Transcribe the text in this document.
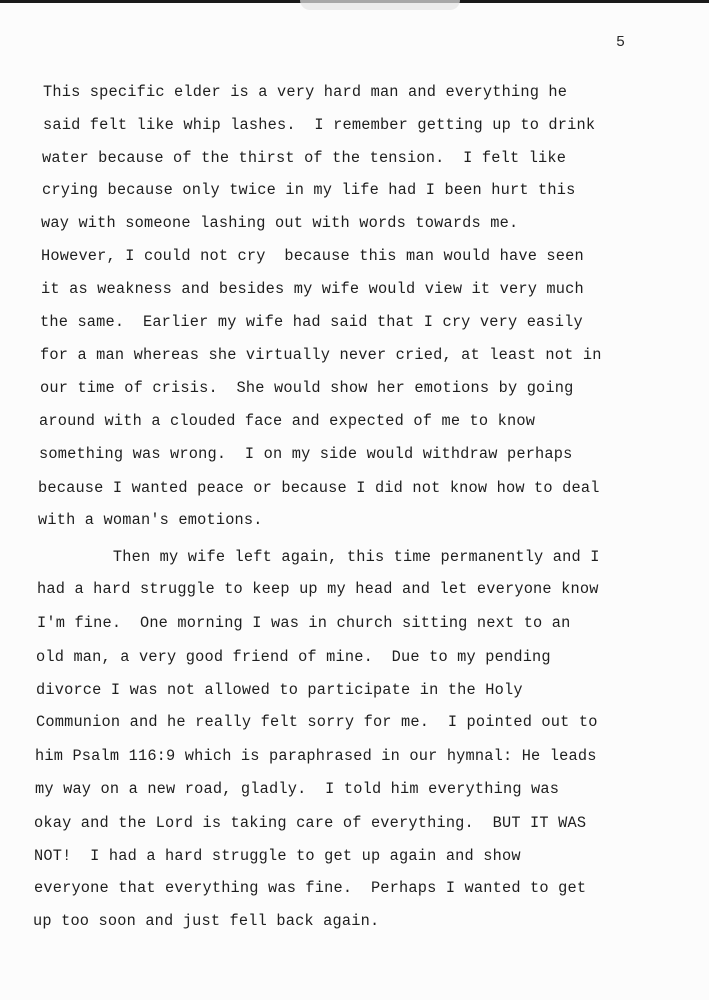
5
This specific elder is a very hard man and everything he
said felt like whip lashes.  I remember getting up to drink
water because of the thirst of the tension.  I felt like
crying because only twice in my life had I been hurt this
way with someone lashing out with words towards me.
However, I could not cry  because this man would have seen
it as weakness and besides my wife would view it very much
the same.  Earlier my wife had said that I cry very easily
for a man whereas she virtually never cried, at least not in
our time of crisis.  She would show her emotions by going
around with a clouded face and expected of me to know
something was wrong.  I on my side would withdraw perhaps
because I wanted peace or because I did not know how to deal
with a woman's emotions.
Then my wife left again, this time permanently and I
had a hard struggle to keep up my head and let everyone know
I'm fine.  One morning I was in church sitting next to an
old man, a very good friend of mine.  Due to my pending
divorce I was not allowed to participate in the Holy
Communion and he really felt sorry for me.  I pointed out to
him Psalm 116:9 which is paraphrased in our hymnal: He leads
my way on a new road, gladly.  I told him everything was
okay and the Lord is taking care of everything.  BUT IT WAS
NOT!  I had a hard struggle to get up again and show
everyone that everything was fine.  Perhaps I wanted to get
up too soon and just fell back again.
